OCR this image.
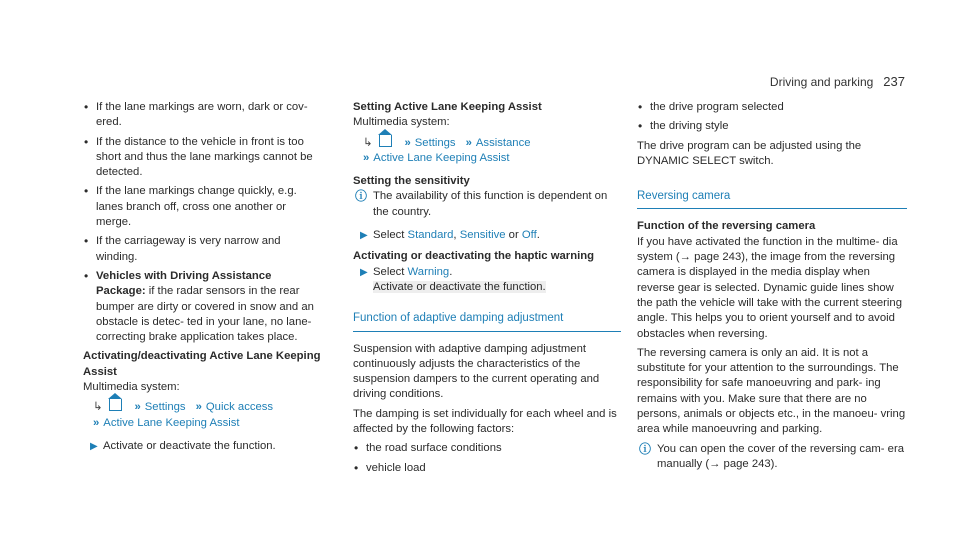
Driving and parking 237
• If the lane markings are worn, dark or cov- ered.
• If the distance to the vehicle in front is too short and thus the lane markings cannot be detected.
• If the lane markings change quickly, e.g. lanes branch off, cross one another or merge.
• If the carriageway is very narrow and winding.
• Vehicles with Driving Assistance Package: if the radar sensors in the rear bumper are dirty or covered in snow and an obstacle is detec- ted in your lane, no lane-correcting brake application takes place.

Activating/deactivating Active Lane Keeping Assist

Multimedia system:

↳	» Settings » Quick access
» Active Lane Keeping Assist
▶ Activate or deactivate the function.

Setting Active Lane Keeping Assist

Multimedia system:

↳	» Settings » Assistance
» Active Lane Keeping Assist

Setting the sensitivity

ⓘ The availability of this function is dependent on the country.
▶ Select Standard, Sensitive or Off.

Activating or deactivating the haptic warning

▶ Select Warning.
Activate or deactivate the function.
Function of adaptive damping adjustment

Suspension with adaptive damping adjustment continuously adjusts the characteristics of the suspension dampers to the current operating and driving conditions.

The damping is set individually for each wheel and is affected by the following factors:

• the road surface conditions
• vehicle load
• the drive program selected
• the driving style

The drive program can be adjusted using the DYNAMIC SELECT switch.

Reversing camera

Function of the reversing camera

If you have activated the function in the multime- dia system (→ page 243), the image from the reversing camera is displayed in the media display when reverse gear is selected. Dynamic guide lines show the path the vehicle will take with the current steering angle. This helps you to orient yourself and to avoid obstacles when reversing.

The reversing camera is only an aid. It is not a substitute for your attention to the surroundings. The responsibility for safe manoeuvring and park- ing remains with you. Make sure that there are no persons, animals or objects etc., in the manoeu- vring area while manoeuvring and parking.

ⓘ You can open the cover of the reversing cam- era manually (→ page 243).
